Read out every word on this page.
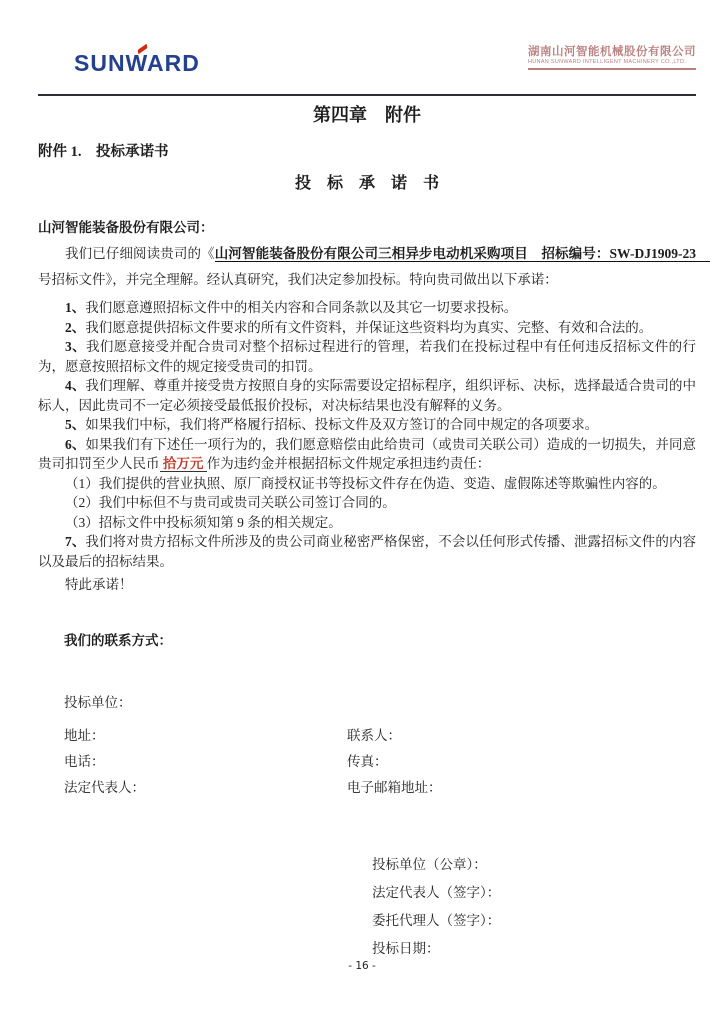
SUNWARD	湖南山河智能机械股份有限公司
HUNAN SUNWARD INTELLIGENT MACHINERY CO.,LTD.
第四章　附件
附件 1.　投标承诺书
投标承诺书
山河智能装备股份有限公司：

我们已仔细阅读贵司的《山河智能装备股份有限公司三相异步电动机采购项目　招标编号：SW-DJ1909-23　号招标文件》，并完全理解。经认真研究，我们决定参加投标。特向贵司做出以下承诺：

1、我们愿意遵照招标文件中的相关内容和合同条款以及其它一切要求投标。

2、我们愿意提供招标文件要求的所有文件资料，并保证这些资料均为真实、完整、有效和合法的。

3、我们愿意接受并配合贵司对整个招标过程进行的管理，若我们在投标过程中有任何违反招标文件的行为，愿意按照招标文件的规定接受贵司的扣罚。

4、我们理解、尊重并接受贵方按照自身的实际需要设定招标程序，组织评标、决标，选择最适合贵司的中标人，因此贵司不一定必须接受最低报价投标，对决标结果也没有解释的义务。

5、如果我们中标，我们将严格履行招标、投标文件及双方签订的合同中规定的各项要求。

6、如果我们有下述任一项行为的，我们愿意赔偿由此给贵司（或贵司关联公司）造成的一切损失，并同意贵司扣罚至少人民币 拾万元 作为违约金并根据招标文件规定承担违约责任：

（1）我们提供的营业执照、原厂商授权证书等投标文件存在伪造、变造、虚假陈述等欺骗性内容的。

（2）我们中标但不与贵司或贵司关联公司签订合同的。

（3）招标文件中投标须知第 9 条的相关规定。

7、我们将对贵方招标文件所涉及的贵公司商业秘密严格保密，不会以任何形式传播、泄露招标文件的内容以及最后的招标结果。

特此承诺！

我们的联系方式：
投标单位：
地址：	联系人：
电话：	传真：
法定代表人：	电子邮箱地址：
投标单位（公章）：
法定代表人（签字）：
委托代理人（签字）：
投标日期：
- 16 -
